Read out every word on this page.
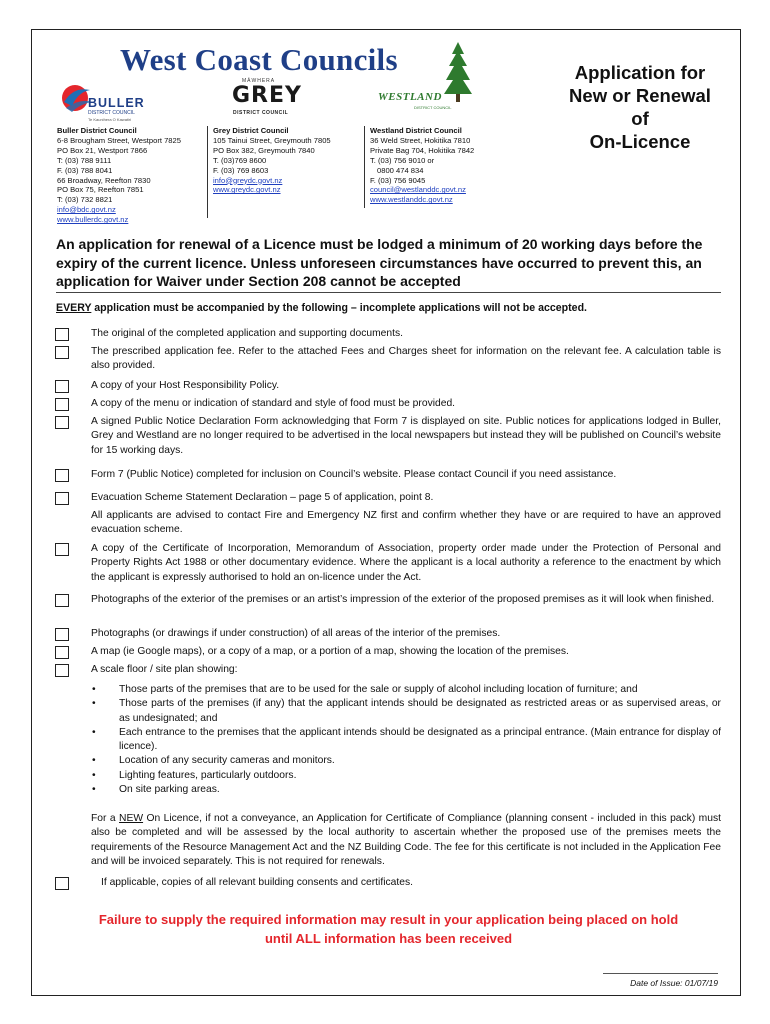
West Coast Councils
BULLER
DISTRICT COUNCIL
Te Kaunihera O Kawatiri
MĀWHERA
GREY
DISTRICT COUNCIL
WESTLAND
DISTRICT COUNCIL
Buller District Council
6-8 Brougham Street, Westport 7825
PO Box 21, Westport 7866
T: (03) 788 9111
F. (03) 788 8041
66 Broadway, Reefton 7830
PO Box 75, Reefton 7851
T: (03) 732 8821
info@bdc.govt.nz
www.bullerdc.govt.nz
Grey District Council
105 Tainui Street, Greymouth 7805
PO Box 382, Greymouth 7840
T. (03)769 8600
F. (03) 769 8603
info@greydc.govt.nz
www.greydc.govt.nz
Westland District Council
36 Weld Street, Hokitika 7810
Private Bag 704, Hokitika 7842
T. (03) 756 9010 or
0800 474 834
F. (03) 756 9045
council@westlanddc.govt.nz
www.westlanddc.govt.nz
Application for
New or Renewal
of
On-Licence
An application for renewal of a Licence must be lodged a minimum of 20 working days before the expiry of the current licence. Unless unforeseen circumstances have occurred to prevent this, an application for Waiver under Section 208 cannot be accepted
EVERY application must be accompanied by the following – incomplete applications will not be accepted.
The original of the completed application and supporting documents.
The prescribed application fee. Refer to the attached Fees and Charges sheet for information on the relevant fee. A calculation table is also provided.
A copy of your Host Responsibility Policy.
A copy of the menu or indication of standard and style of food must be provided.
A signed Public Notice Declaration Form acknowledging that Form 7 is displayed on site. Public notices for applications lodged in Buller, Grey and Westland are no longer required to be advertised in the local newspapers but instead they will be published on Council’s website for 15 working days.
Form 7 (Public Notice) completed for inclusion on Council’s website. Please contact Council if you need assistance.
Evacuation Scheme Statement Declaration – page 5 of application, point 8.
All applicants are advised to contact Fire and Emergency NZ first and confirm whether they have or are required to have an approved evacuation scheme.
A copy of the Certificate of Incorporation, Memorandum of Association, property order made under the Protection of Personal and Property Rights Act 1988 or other documentary evidence. Where the applicant is a local authority a reference to the enactment by which the applicant is expressly authorised to hold an on-licence under the Act.
Photographs of the exterior of the premises or an artist’s impression of the exterior of the proposed premises as it will look when finished.
Photographs (or drawings if under construction) of all areas of the interior of the premises.
A map (ie Google maps), or a copy of a map, or a portion of a map, showing the location of the premises.
A scale floor / site plan showing:
• Those parts of the premises that are to be used for the sale or supply of alcohol including location of furniture; and
• Those parts of the premises (if any) that the applicant intends should be designated as restricted areas or as supervised areas, or as undesignated; and
• Each entrance to the premises that the applicant intends should be designated as a principal entrance. (Main entrance for display of licence).
• Location of any security cameras and monitors.
• Lighting features, particularly outdoors.
• On site parking areas.
For a NEW On Licence, if not a conveyance, an Application for Certificate of Compliance (planning consent - included in this pack) must also be completed and will be assessed by the local authority to ascertain whether the proposed use of the premises meets the requirements of the Resource Management Act and the NZ Building Code. The fee for this certificate is not included in the Application Fee and will be invoiced separately. This is not required for renewals.
If applicable, copies of all relevant building consents and certificates.
Failure to supply the required information may result in your application being placed on hold
until ALL information has been received
Date of Issue: 01/07/19
